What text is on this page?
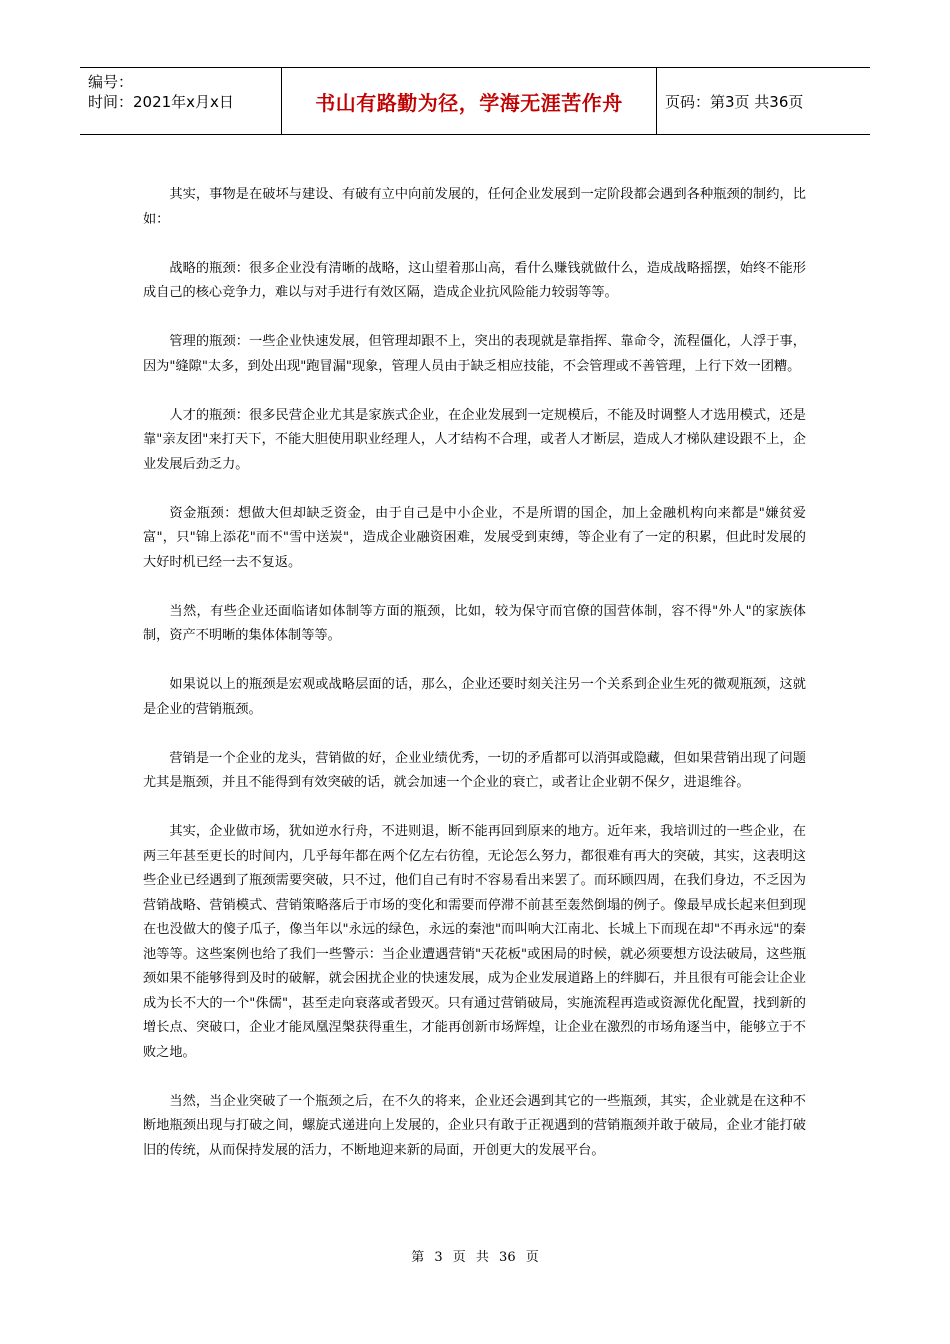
编号：
时间：2021年x月x日	书山有路勤为径，学海无涯苦作舟	页码：第3页 共36页

其实，事物是在破坏与建设、有破有立中向前发展的，任何企业发展到一定阶段都会遇到各种瓶颈的制约，比如：

战略的瓶颈：很多企业没有清晰的战略，这山望着那山高，看什么赚钱就做什么，造成战略摇摆，始终不能形成自己的核心竞争力，难以与对手进行有效区隔，造成企业抗风险能力较弱等等。

管理的瓶颈：一些企业快速发展，但管理却跟不上，突出的表现就是靠指挥、靠命令，流程僵化，人浮于事，因为"缝隙"太多，到处出现"跑冒漏"现象，管理人员由于缺乏相应技能，不会管理或不善管理，上行下效一团糟。

人才的瓶颈：很多民营企业尤其是家族式企业，在企业发展到一定规模后，不能及时调整人才选用模式，还是靠"亲友团"来打天下，不能大胆使用职业经理人，人才结构不合理，或者人才断层，造成人才梯队建设跟不上，企业发展后劲乏力。

资金瓶颈：想做大但却缺乏资金，由于自己是中小企业，不是所谓的国企，加上金融机构向来都是"嫌贫爱富"，只"锦上添花"而不"雪中送炭"，造成企业融资困难，发展受到束缚，等企业有了一定的积累，但此时发展的大好时机已经一去不复返。

当然，有些企业还面临诸如体制等方面的瓶颈，比如，较为保守而官僚的国营体制，容不得"外人"的家族体制，资产不明晰的集体体制等等。

如果说以上的瓶颈是宏观或战略层面的话，那么，企业还要时刻关注另一个关系到企业生死的微观瓶颈，这就是企业的营销瓶颈。

营销是一个企业的龙头，营销做的好，企业业绩优秀，一切的矛盾都可以消弭或隐藏，但如果营销出现了问题尤其是瓶颈，并且不能得到有效突破的话，就会加速一个企业的衰亡，或者让企业朝不保夕，进退维谷。

其实，企业做市场，犹如逆水行舟，不进则退，断不能再回到原来的地方。近年来，我培训过的一些企业，在两三年甚至更长的时间内，几乎每年都在两个亿左右彷徨，无论怎么努力，都很难有再大的突破，其实，这表明这些企业已经遇到了瓶颈需要突破，只不过，他们自己有时不容易看出来罢了。而环顾四周，在我们身边，不乏因为营销战略、营销模式、营销策略落后于市场的变化和需要而停滞不前甚至轰然倒塌的例子。像最早成长起来但到现在也没做大的傻子瓜子，像当年以"永远的绿色，永远的秦池"而叫响大江南北、长城上下而现在却"不再永远"的秦池等等。这些案例也给了我们一些警示：当企业遭遇营销"天花板"或困局的时候，就必须要想方设法破局，这些瓶颈如果不能够得到及时的破解，就会困扰企业的快速发展，成为企业发展道路上的绊脚石，并且很有可能会让企业成为长不大的一个"侏儒"，甚至走向衰落或者毁灭。只有通过营销破局，实施流程再造或资源优化配置，找到新的增长点、突破口，企业才能凤凰涅槃获得重生，才能再创新市场辉煌，让企业在激烈的市场角逐当中，能够立于不败之地。

当然，当企业突破了一个瓶颈之后，在不久的将来，企业还会遇到其它的一些瓶颈，其实，企业就是在这种不断地瓶颈出现与打破之间，螺旋式递进向上发展的，企业只有敢于正视遇到的营销瓶颈并敢于破局，企业才能打破旧的传统，从而保持发展的活力，不断地迎来新的局面，开创更大的发展平台。

第 3 页 共 36 页
